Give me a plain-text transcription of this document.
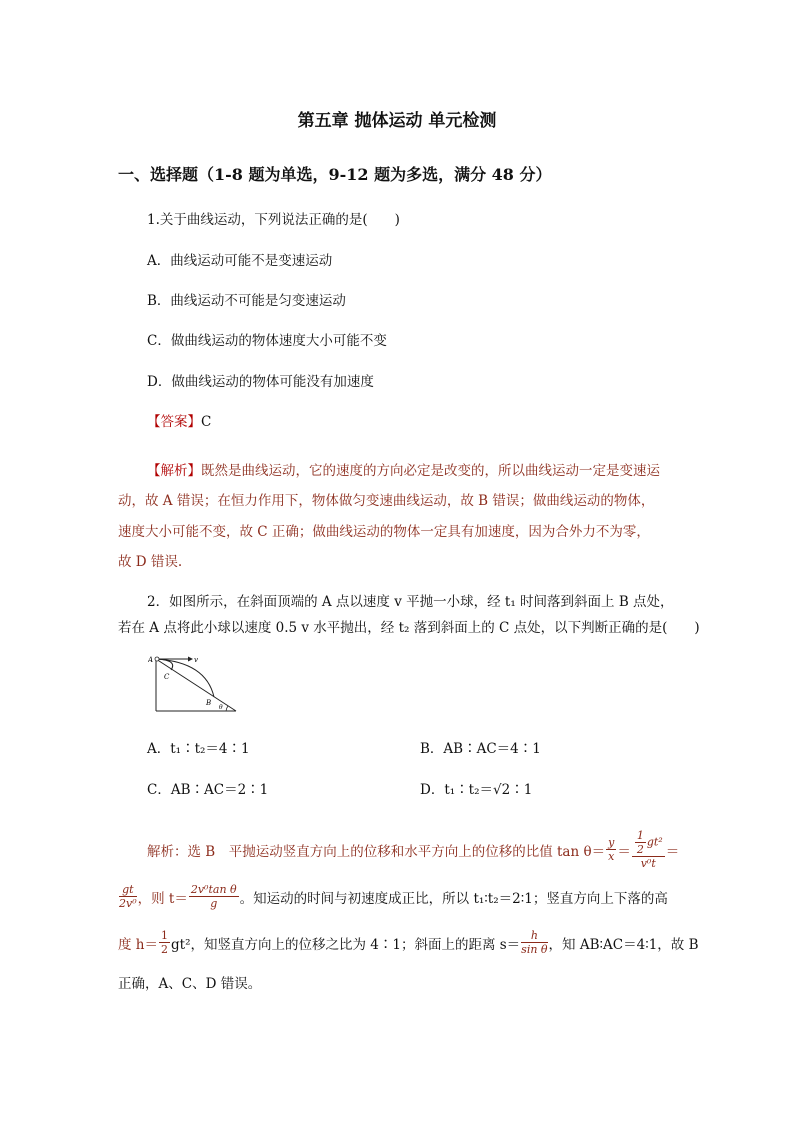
第五章 抛体运动 单元检测
一、选择题（1-8 题为单选，9-12 题为多选，满分 48 分）
1.关于曲线运动，下列说法正确的是(　　)
A．曲线运动可能不是变速运动
B．曲线运动不可能是匀变速运动
C．做曲线运动的物体速度大小可能不变
D．做曲线运动的物体可能没有加速度
【答案】C
【解析】既然是曲线运动，它的速度的方向必定是改变的，所以曲线运动一定是变速运
动，故 A 错误；在恒力作用下，物体做匀变速曲线运动，故 B 错误；做曲线运动的物体，
速度大小可能不变，故 C 正确；做曲线运动的物体一定具有加速度，因为合外力不为零，
故 D 错误.
2．如图所示，在斜面顶端的 A 点以速度 v 平抛一小球，经 t₁ 时间落到斜面上 B 点处，
若在 A 点将此小球以速度 0.5 v 水平抛出，经 t₂ 落到斜面上的 C 点处，以下判断正确的是(　　)
A	v
C
B
θ
A．t₁∶t₂＝4∶1	B．AB∶AC＝4∶1
C．AB∶AC＝2∶1	D．t₁∶t₂＝√2∶1
解析：选 B　平抛运动竖直方向上的位移和水平方向上的位移的比值 $\tan \theta= \frac{y}{x} = \frac{\frac{1}{2} gt^2}{\text{v⁰t}}$ ＝
$\frac{gt}{\text{2v⁰}}$ ，则 $t= \frac{\text{2v⁰tan θ}}{g}$ 。知运动的时间与初速度成正比，所以 t₁∶t₂＝2∶1；竖直方向上下落的高
度 $h= \frac{1}{2} gt^2$，知竖直方向上的位移之比为 4∶1；斜面上的距离 $s= \frac{h}{\text{sin θ}}$ ，知 AB∶AC＝4∶1，故 B
正确，A、C、D 错误。
